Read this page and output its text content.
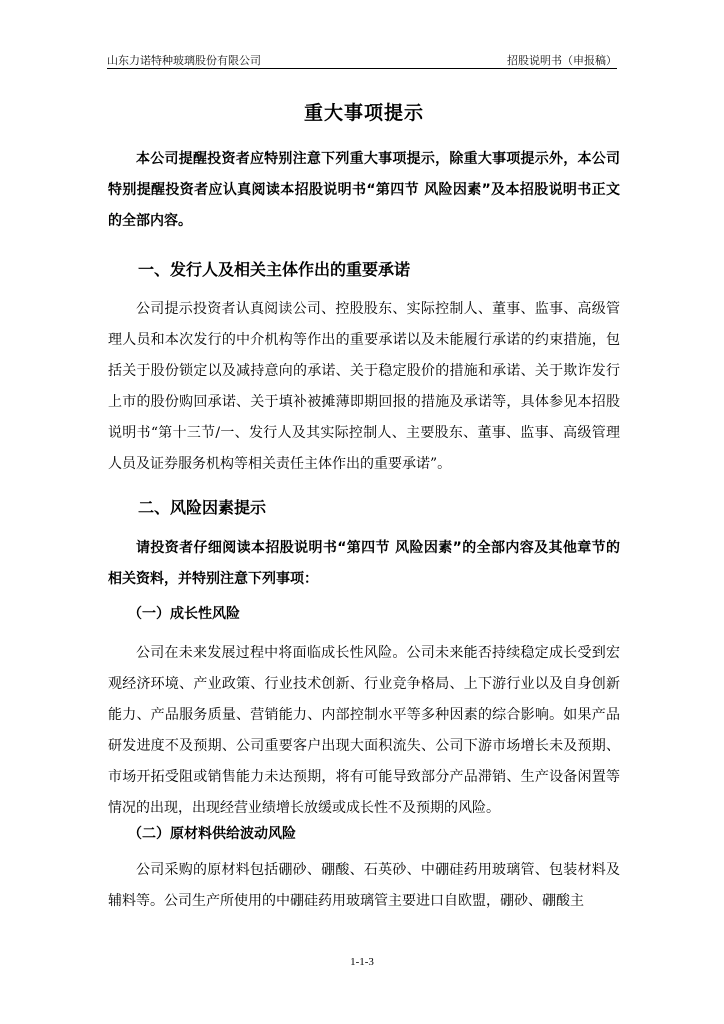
山东力诺特种玻璃股份有限公司	招股说明书（申报稿）
重大事项提示

本公司提醒投资者应特别注意下列重大事项提示，除重大事项提示外，本公司特别提醒投资者应认真阅读本招股说明书“第四节 风险因素”及本招股说明书正文的全部内容。

一、发行人及相关主体作出的重要承诺

公司提示投资者认真阅读公司、控股股东、实际控制人、董事、监事、高级管理人员和本次发行的中介机构等作出的重要承诺以及未能履行承诺的约束措施，包括关于股份锁定以及减持意向的承诺、关于稳定股价的措施和承诺、关于欺诈发行上市的股份购回承诺、关于填补被摊薄即期回报的措施及承诺等，具体参见本招股说明书“第十三节/一、发行人及其实际控制人、主要股东、董事、监事、高级管理人员及证券服务机构等相关责任主体作出的重要承诺”。

二、风险因素提示

请投资者仔细阅读本招股说明书“第四节 风险因素”的全部内容及其他章节的相关资料，并特别注意下列事项：

（一）成长性风险

公司在未来发展过程中将面临成长性风险。公司未来能否持续稳定成长受到宏观经济环境、产业政策、行业技术创新、行业竞争格局、上下游行业以及自身创新能力、产品服务质量、营销能力、内部控制水平等多种因素的综合影响。如果产品研发进度不及预期、公司重要客户出现大面积流失、公司下游市场增长未及预期、市场开拓受阻或销售能力未达预期，将有可能导致部分产品滞销、生产设备闲置等情况的出现，出现经营业绩增长放缓或成长性不及预期的风险。

（二）原材料供给波动风险

公司采购的原材料包括硼砂、硼酸、石英砂、中硼硅药用玻璃管、包装材料及辅料等。公司生产所使用的中硼硅药用玻璃管主要进口自欧盟，硼砂、硼酸主

1-1-3
